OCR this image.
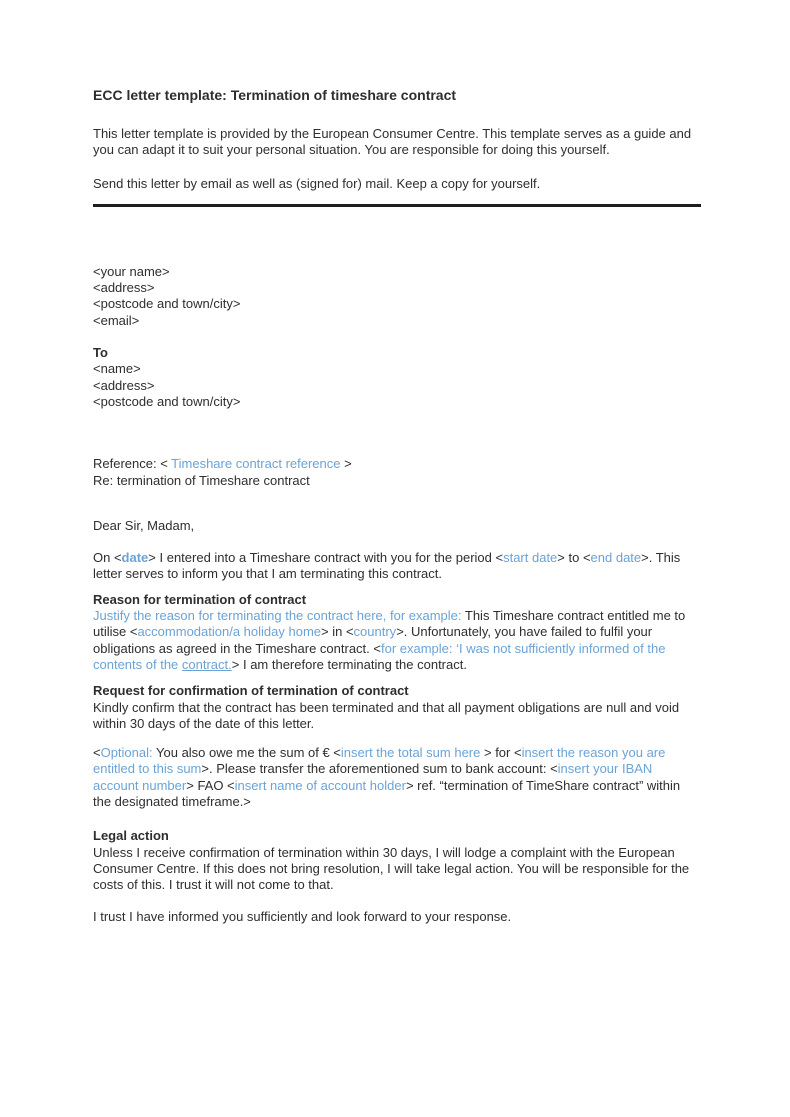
ECC letter template: Termination of timeshare contract

This letter template is provided by the European Consumer Centre. This template serves as a guide and you can adapt it to suit your personal situation. You are responsible for doing this yourself.

Send this letter by email as well as (signed for) mail. Keep a copy for yourself.

<your name>
<address>
<postcode and town/city>
<email>
To
<name>
<address>
<postcode and town/city>
Reference: < Timeshare contract reference >
Re: termination of Timeshare contract

Dear Sir, Madam,

On <date> I entered into a Timeshare contract with you for the period <start date> to <end date>. This letter serves to inform you that I am terminating this contract.

Reason for termination of contract

Justify the reason for terminating the contract here, for example: This Timeshare contract entitled me to utilise <accommodation/a holiday home> in <country>. Unfortunately, you have failed to fulfil your obligations as agreed in the Timeshare contract. <for example: ‘I was not sufficiently informed of the contents of the contract.> I am therefore terminating the contract.

Request for confirmation of termination of contract

Kindly confirm that the contract has been terminated and that all payment obligations are null and void within 30 days of the date of this letter.

<Optional: You also owe me the sum of € <insert the total sum here > for <insert the reason you are entitled to this sum>. Please transfer the aforementioned sum to bank account: <insert your IBAN account number> FAO <insert name of account holder> ref. “termination of TimeShare contract” within the designated timeframe.>

Legal action

Unless I receive confirmation of termination within 30 days, I will lodge a complaint with the European Consumer Centre. If this does not bring resolution, I will take legal action. You will be responsible for the costs of this. I trust it will not come to that.

I trust I have informed you sufficiently and look forward to your response.
